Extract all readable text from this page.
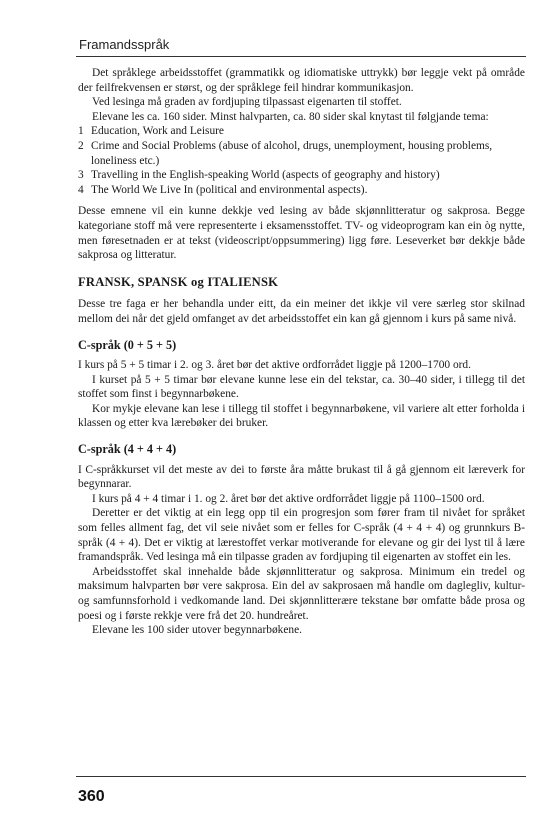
Framandsspråk

Det språklege arbeidsstoffet (grammatikk og idiomatiske uttrykk) bør leggje vekt på område der feilfrekvensen er størst, og der språklege feil hindrar kommunikasjon.

Ved lesinga må graden av fordjuping tilpassast eigenarten til stoffet.

Elevane les ca. 160 sider. Minst halvparten, ca. 80 sider skal knytast til følgjande tema:

1 Education, Work and Leisure
2 Crime and Social Problems (abuse of alcohol, drugs, unemployment, housing problems, loneliness etc.)
3 Travelling in the English-speaking World (aspects of geography and history)
4 The World We Live In (political and environmental aspects).

Desse emnene vil ein kunne dekkje ved lesing av både skjønnlitteratur og sakprosa. Begge kategoriane stoff må vere representerte i eksamensstoffet. TV- og videoprogram kan ein òg nytte, men føresetnaden er at tekst (videoscript/oppsummering) ligg føre. Leseverket bør dekkje både sakprosa og litteratur.

FRANSK, SPANSK og ITALIENSK

Desse tre faga er her behandla under eitt, da ein meiner det ikkje vil vere særleg stor skilnad mellom dei når det gjeld omfanget av det arbeidsstoffet ein kan gå gjennom i kurs på same nivå.

C-språk (0 + 5 + 5)

I kurs på 5 + 5 timar i 2. og 3. året bør det aktive ordforrådet liggje på 1200–1700 ord.

I kurset på 5 + 5 timar bør elevane kunne lese ein del tekstar, ca. 30–40 sider, i tillegg til det stoffet som finst i begynnarbøkene.

Kor mykje elevane kan lese i tillegg til stoffet i begynnarbøkene, vil variere alt etter forholda i klassen og etter kva lærebøker dei bruker.

C-språk (4 + 4 + 4)

I C-språkkurset vil det meste av dei to første åra måtte brukast til å gå gjennom eit læreverk for begynnarar.

I kurs på 4 + 4 timar i 1. og 2. året bør det aktive ordforrådet liggje på 1100–1500 ord.

Deretter er det viktig at ein legg opp til ein progresjon som fører fram til nivået for språket som felles allment fag, det vil seie nivået som er felles for C-språk (4 + 4 + 4) og grunnkurs B-språk (4 + 4). Det er viktig at lærestoffet verkar motiverande for elevane og gir dei lyst til å lære framandspråk. Ved lesinga må ein tilpasse graden av fordjuping til eigenarten av stoffet ein les.

Arbeidsstoffet skal innehalde både skjønnlitteratur og sakprosa. Minimum ein tredel og maksimum halvparten bør vere sakprosa. Ein del av sakprosaen må handle om daglegliv, kultur- og samfunnsforhold i vedkomande land. Dei skjønnlitterære tekstane bør omfatte både prosa og poesi og i første rekkje vere frå det 20. hundreåret.

Elevane les 100 sider utover begynnarbøkene.

360
